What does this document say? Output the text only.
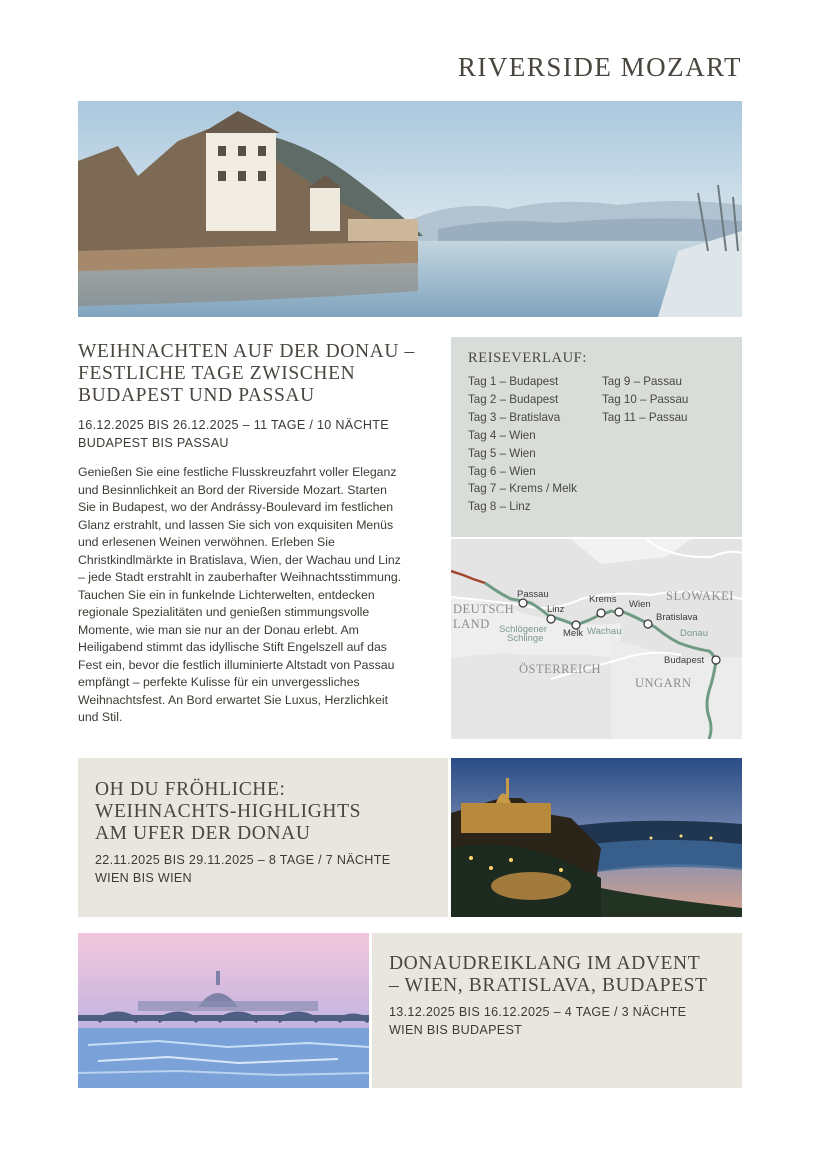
RIVERSIDE MOZART
WEIHNACHTEN AUF DER DONAU – FESTLICHE TAGE ZWISCHEN BUDAPEST UND PASSAU
16.12.2025 BIS 26.12.2025 – 11 TAGE / 10 NÄCHTE
BUDAPEST BIS PASSAU

Genießen Sie eine festliche Flusskreuzfahrt voller Eleganz und Besinnlichkeit an Bord der Riverside Mozart. Starten Sie in Budapest, wo der Andrássy-Boulevard im festlichen Glanz erstrahlt, und lassen Sie sich von exquisiten Menüs und erlesenen Weinen verwöhnen. Erleben Sie Christkindlmärkte in Bratislava, Wien, der Wachau und Linz – jede Stadt erstrahlt in zauberhafter Weihnachtsstimmung. Tauchen Sie ein in funkelnde Lichterwelten, entdecken regionale Spezialitäten und genießen stimmungsvolle Momente, wie man sie nur an der Donau erlebt. Am Heiligabend stimmt das idyllische Stift Engelszell auf das Fest ein, bevor die festlich illuminierte Altstadt von Passau empfängt – perfekte Kulisse für ein unvergessliches Weihnachtsfest. An Bord erwartet Sie Luxus, Herzlichkeit und Stil.

REISEVERLAUF:
Tag 1 – Budapest
Tag 2 – Budapest
Tag 3 – Bratislava
Tag 4 – Wien
Tag 5 – Wien
Tag 6 – Wien
Tag 7 – Krems / Melk
Tag 8 – Linz
Tag 9 – Passau
Tag 10 – Passau
Tag 11 – Passau
DEUTSCH
LAND
ÖSTERREICH
SLOWAKEI
UNGARN
Passau
Linz
Krems Wien
Bratislava
Melk
Budapest
Wachau
Schlögener
Schlinge	Donau
OH DU FRÖHLICHE:
WEIHNACHTS-HIGHLIGHTS
AM UFER DER DONAU
22.11.2025 BIS 29.11.2025 – 8 TAGE / 7 NÄCHTE
WIEN BIS WIEN
DONAUDREIKLANG IM ADVENT
– WIEN, BRATISLAVA, BUDAPEST
13.12.2025 BIS 16.12.2025 – 4 TAGE / 3 NÄCHTE
WIEN BIS BUDAPEST
